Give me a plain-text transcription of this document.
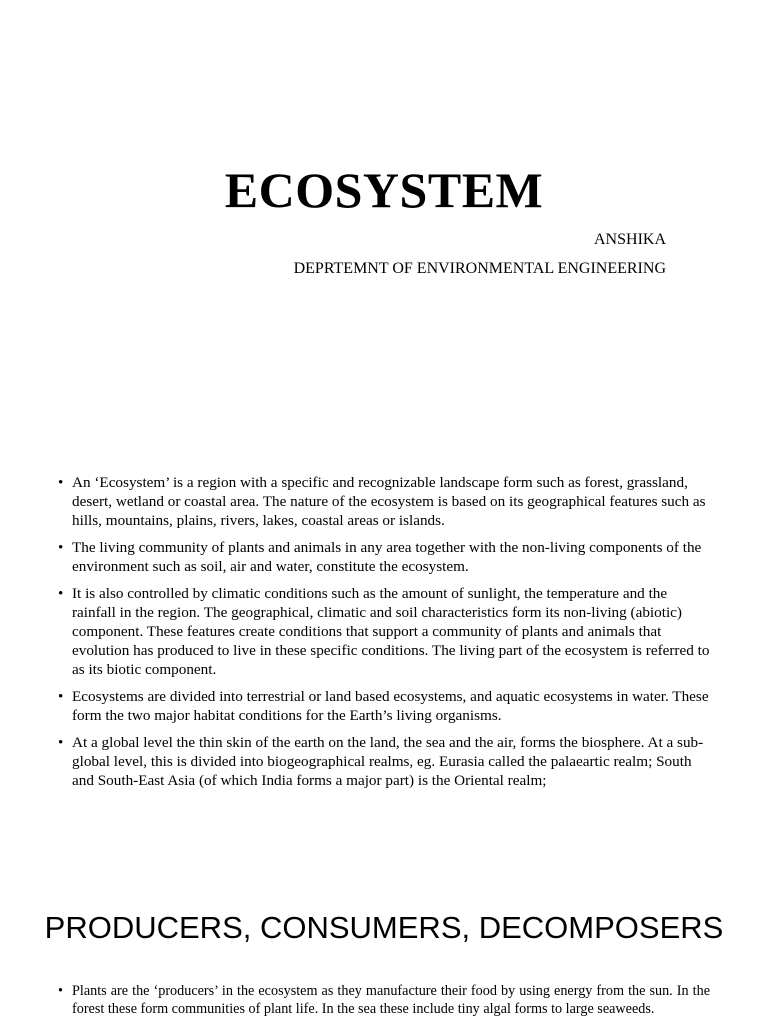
ECOSYSTEM

ANSHIKA

DEPRTEMNT OF ENVIRONMENTAL ENGINEERING

• An ‘Ecosystem’ is a region with a specific and recognizable landscape form such as forest, grassland, desert, wetland or coastal area. The nature of the ecosystem is based on its geographical features such as hills, mountains, plains, rivers, lakes, coastal areas or islands.
• The living community of plants and animals in any area together with the non-living components of the environment such as soil, air and water, constitute the ecosystem.
• It is also controlled by climatic conditions such as the amount of sunlight, the temperature and the rainfall in the region. The geographical, climatic and soil characteristics form its non-living (abiotic) component. These features create conditions that support a community of plants and animals that evolution has produced to live in these specific conditions. The living part of the ecosystem is referred to as its biotic component.
• Ecosystems are divided into terrestrial or land based ecosystems, and aquatic ecosystems in water. These form the two major habitat conditions for the Earth’s living organisms.
• At a global level the thin skin of the earth on the land, the sea and the air, forms the biosphere. At a sub-global level, this is divided into biogeographical realms, eg. Eurasia called the palaeartic realm; South and South-East Asia (of which India forms a major part) is the Oriental realm;
PRODUCERS, CONSUMERS, DECOMPOSERS
• Plants are the ‘producers’ in the ecosystem as they manufacture their food by using energy from the sun. In the forest these form communities of plant life. In the sea these include tiny algal forms to large seaweeds.
